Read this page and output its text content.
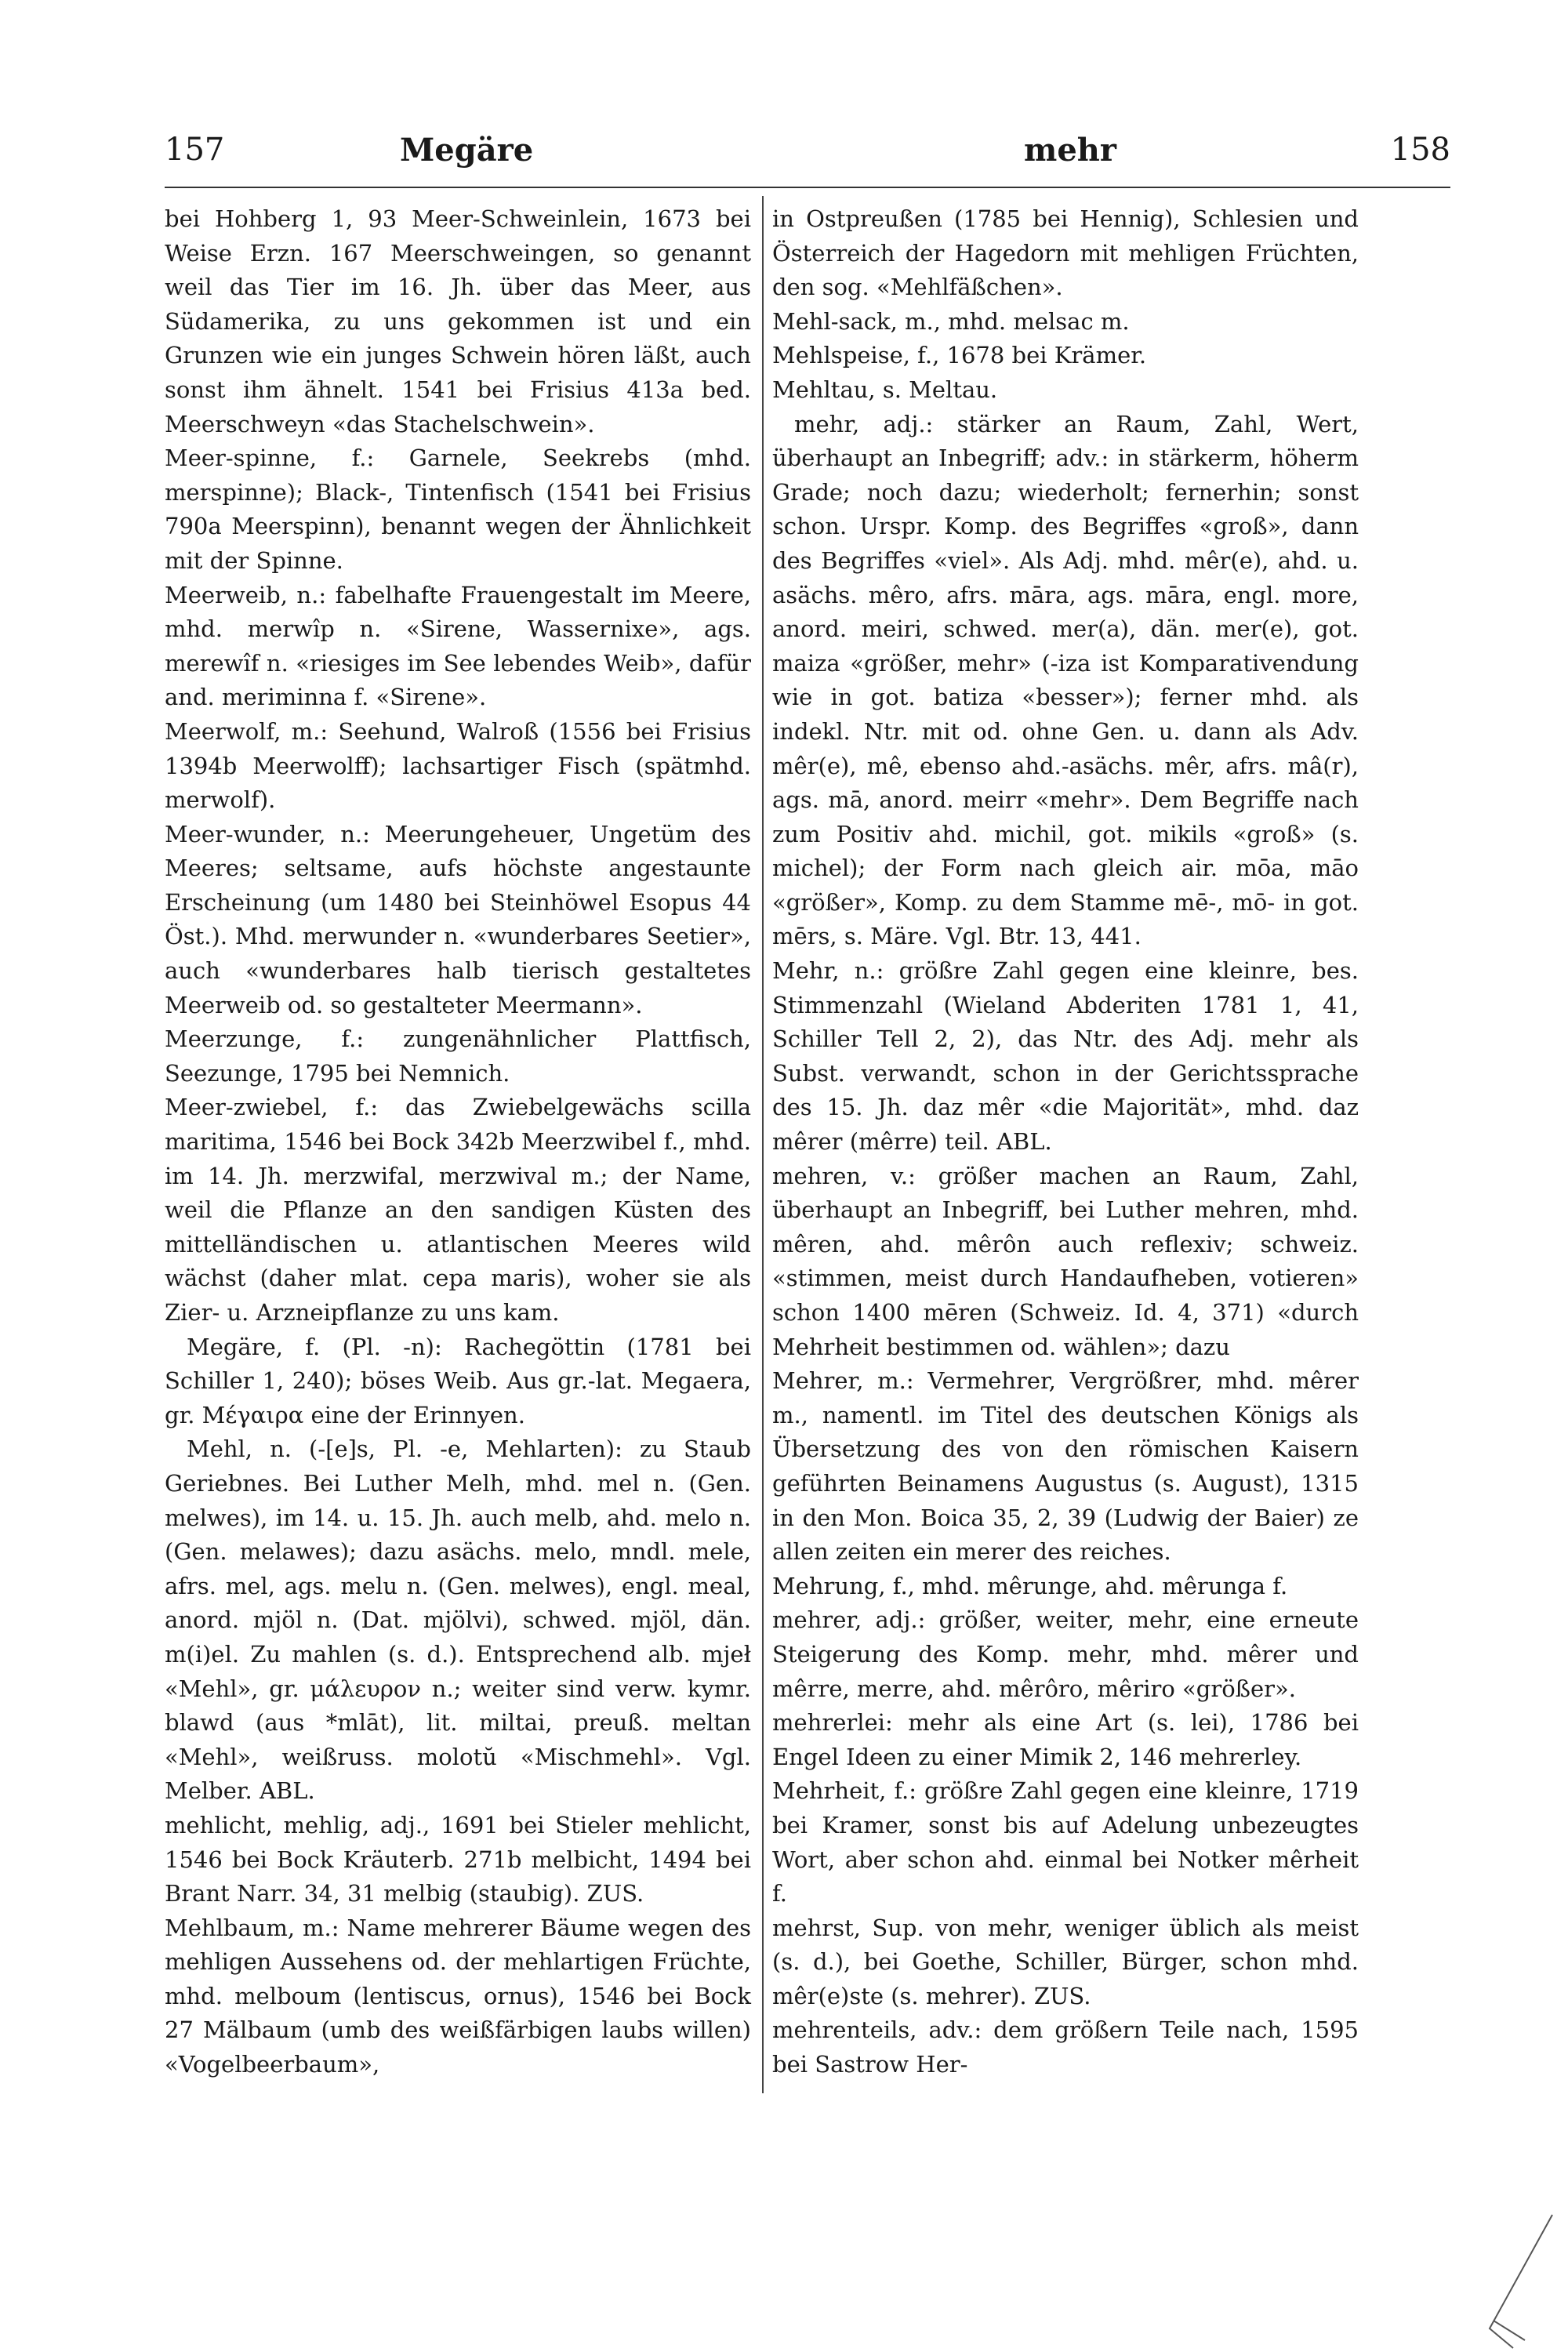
157	Megäre	mehr	158

bei Hohberg 1, 93 Meer-Schweinlein, 1673 bei Weise Erzn. 167 Meerschweingen, so genannt weil das Tier im 16. Jh. über das Meer, aus Südamerika, zu uns gekommen ist und ein Grunzen wie ein junges Schwein hören läßt, auch sonst ihm ähnelt. 1541 bei Frisius 413a bed. Meerschweyn «das Stachelschwein».

Meer-spinne, f.: Garnele, Seekrebs (mhd. merspinne); Black-, Tintenfisch (1541 bei Frisius 790a Meerspinn), benannt wegen der Ähnlichkeit mit der Spinne.

Meerweib, n.: fabelhafte Frauengestalt im Meere, mhd. merwîp n. «Sirene, Wassernixe», ags. merewîf n. «riesiges im See lebendes Weib», dafür and. meriminna f. «Sirene».

Meerwolf, m.: Seehund, Walroß (1556 bei Frisius 1394b Meerwolff); lachsartiger Fisch (spätmhd. merwolf).

Meer-wunder, n.: Meerungeheuer, Ungetüm des Meeres; seltsame, aufs höchste angestaunte Erscheinung (um 1480 bei Steinhöwel Esopus 44 Öst.). Mhd. merwunder n. «wunderbares Seetier», auch «wunderbares halb tierisch gestaltetes Meerweib od. so gestalteter Meermann».

Meerzunge, f.: zungenähnlicher Plattfisch, Seezunge, 1795 bei Nemnich.

Meer-zwiebel, f.: das Zwiebelgewächs scilla maritima, 1546 bei Bock 342b Meerzwibel f., mhd. im 14. Jh. merzwifal, merzwival m.; der Name, weil die Pflanze an den sandigen Küsten des mittelländischen u. atlantischen Meeres wild wächst (daher mlat. cepa maris), woher sie als Zier- u. Arzneipflanze zu uns kam.

Megäre, f. (Pl. -n): Rachegöttin (1781 bei Schiller 1, 240); böses Weib. Aus gr.-lat. Megaera, gr. Μέγαιρα eine der Erinnyen.

Mehl, n. (-[e]s, Pl. -e, Mehlarten): zu Staub Geriebnes. Bei Luther Melh, mhd. mel n. (Gen. melwes), im 14. u. 15. Jh. auch melb, ahd. melo n. (Gen. melawes); dazu asächs. melo, mndl. mele, afrs. mel, ags. melu n. (Gen. melwes), engl. meal, anord. mjöl n. (Dat. mjölvi), schwed. mjöl, dän. m(i)el. Zu mahlen (s. d.). Entsprechend alb. mjeł «Mehl», gr. μάλευρον n.; weiter sind verw. kymr. blawd (aus *mlāt), lit. miltai, preuß. meltan «Mehl», weißruss. molotŭ «Mischmehl». Vgl. Melber. ABL.

mehlicht, mehlig, adj., 1691 bei Stieler mehlicht, 1546 bei Bock Kräuterb. 271b melbicht, 1494 bei Brant Narr. 34, 31 melbig (staubig). ZUS.

Mehlbaum, m.: Name mehrerer Bäume wegen des mehligen Aussehens od. der mehlartigen Früchte, mhd. melboum (lentiscus, ornus), 1546 bei Bock 27 Mälbaum (umb des weißfärbigen laubs willen) «Vogelbeerbaum»,

in Ostpreußen (1785 bei Hennig), Schlesien und Österreich der Hagedorn mit mehligen Früchten, den sog. «Mehlfäßchen».

Mehl-sack, m., mhd. melsac m.

Mehlspeise, f., 1678 bei Krämer.

Mehltau, s. Meltau.

mehr, adj.: stärker an Raum, Zahl, Wert, überhaupt an Inbegriff; adv.: in stärkerm, höherm Grade; noch dazu; wiederholt; fernerhin; sonst schon. Urspr. Komp. des Begriffes «groß», dann des Begriffes «viel». Als Adj. mhd. mêr(e), ahd. u. asächs. mêro, afrs. māra, ags. māra, engl. more, anord. meiri, schwed. mer(a), dän. mer(e), got. maiza «größer, mehr» (-iza ist Komparativendung wie in got. batiza «besser»); ferner mhd. als indekl. Ntr. mit od. ohne Gen. u. dann als Adv. mêr(e), mê, ebenso ahd.-asächs. mêr, afrs. mâ(r), ags. mā, anord. meirr «mehr». Dem Begriffe nach zum Positiv ahd. michil, got. mikils «groß» (s. michel); der Form nach gleich air. mōa, māo «größer», Komp. zu dem Stamme mē-, mō- in got. mērs, s. Märe. Vgl. Btr. 13, 441.

Mehr, n.: größre Zahl gegen eine kleinre, bes. Stimmenzahl (Wieland Abderiten 1781 1, 41, Schiller Tell 2, 2), das Ntr. des Adj. mehr als Subst. verwandt, schon in der Gerichtssprache des 15. Jh. daz mêr «die Majorität», mhd. daz mêrer (mêrre) teil. ABL.

mehren, v.: größer machen an Raum, Zahl, überhaupt an Inbegriff, bei Luther mehren, mhd. mêren, ahd. mêrôn auch reflexiv; schweiz. «stimmen, meist durch Handaufheben, votieren» schon 1400 mēren (Schweiz. Id. 4, 371) «durch Mehrheit bestimmen od. wählen»; dazu

Mehrer, m.: Vermehrer, Vergrößrer, mhd. mêrer m., namentl. im Titel des deutschen Königs als Übersetzung des von den römischen Kaisern geführten Beinamens Augustus (s. August), 1315 in den Mon. Boica 35, 2, 39 (Ludwig der Baier) ze allen zeiten ein merer des reiches.

Mehrung, f., mhd. mêrunge, ahd. mêrunga f.

mehrer, adj.: größer, weiter, mehr, eine erneute Steigerung des Komp. mehr, mhd. mêrer und mêrre, merre, ahd. mêrôro, mêriro «größer».

mehrerlei: mehr als eine Art (s. lei), 1786 bei Engel Ideen zu einer Mimik 2, 146 mehrerley.

Mehrheit, f.: größre Zahl gegen eine kleinre, 1719 bei Kramer, sonst bis auf Adelung unbezeugtes Wort, aber schon ahd. einmal bei Notker mêrheit f.

mehrst, Sup. von mehr, weniger üblich als meist (s. d.), bei Goethe, Schiller, Bürger, schon mhd. mêr(e)ste (s. mehrer). ZUS.

mehrenteils, adv.: dem größern Teile nach, 1595 bei Sastrow Her-
